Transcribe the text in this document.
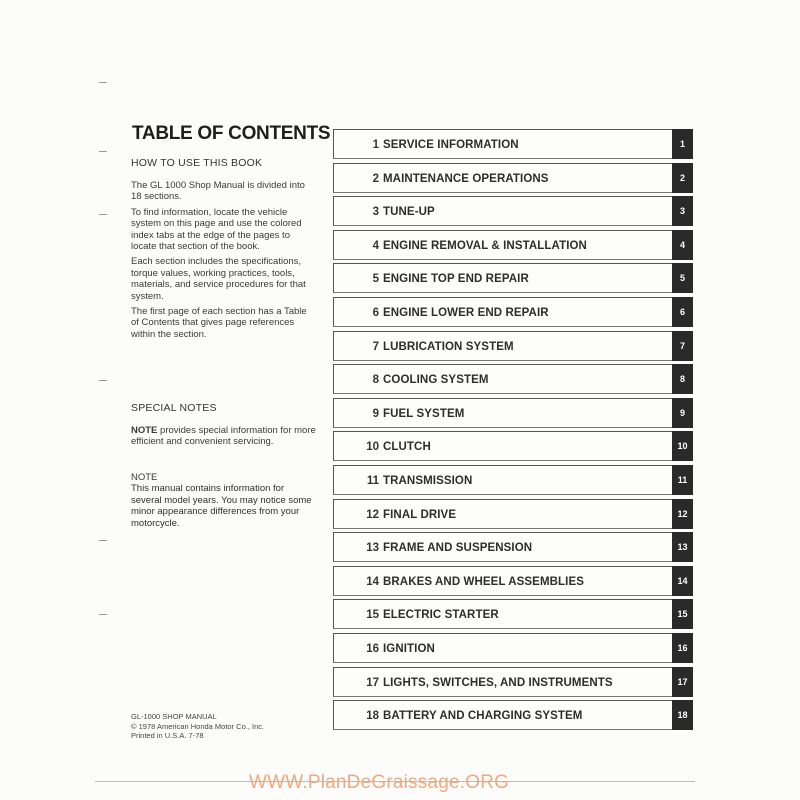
TABLE OF CONTENTS
HOW TO USE THIS BOOK

The GL 1000 Shop Manual is divided into 18 sections.

To find information, locate the vehicle system on this page and use the colored index tabs at the edge of the pages to locate that section of the book.

Each section includes the specifications, torque values, working practices, tools, materials, and service procedures for that system.

The first page of each section has a Table of Contents that gives page references within the section.

SPECIAL NOTES

NOTE provides special information for more efficient and convenient servicing.

NOTE

This manual contains information for several model years. You may notice some minor appearance differences from your motorcycle.

GL-1000 SHOP MANUAL
© 1978 American Honda Motor Co., Inc.
Printed in U.S.A. 7-78
1 SERVICE INFORMATION	1
2 MAINTENANCE OPERATIONS	2
3 TUNE-UP	3
4 ENGINE REMOVAL & INSTALLATION	4
5 ENGINE TOP END REPAIR	5
6 ENGINE LOWER END REPAIR	6
7 LUBRICATION SYSTEM	7
8 COOLING SYSTEM	8
9 FUEL SYSTEM	9
10 CLUTCH	10
11 TRANSMISSION	11
12 FINAL DRIVE	12
13 FRAME AND SUSPENSION	13
14 BRAKES AND WHEEL ASSEMBLIES	14
15 ELECTRIC STARTER	15
16 IGNITION	16
17 LIGHTS, SWITCHES, AND INSTRUMENTS	17
18 BATTERY AND CHARGING SYSTEM	18
WWW.PlanDeGraissage.ORG
